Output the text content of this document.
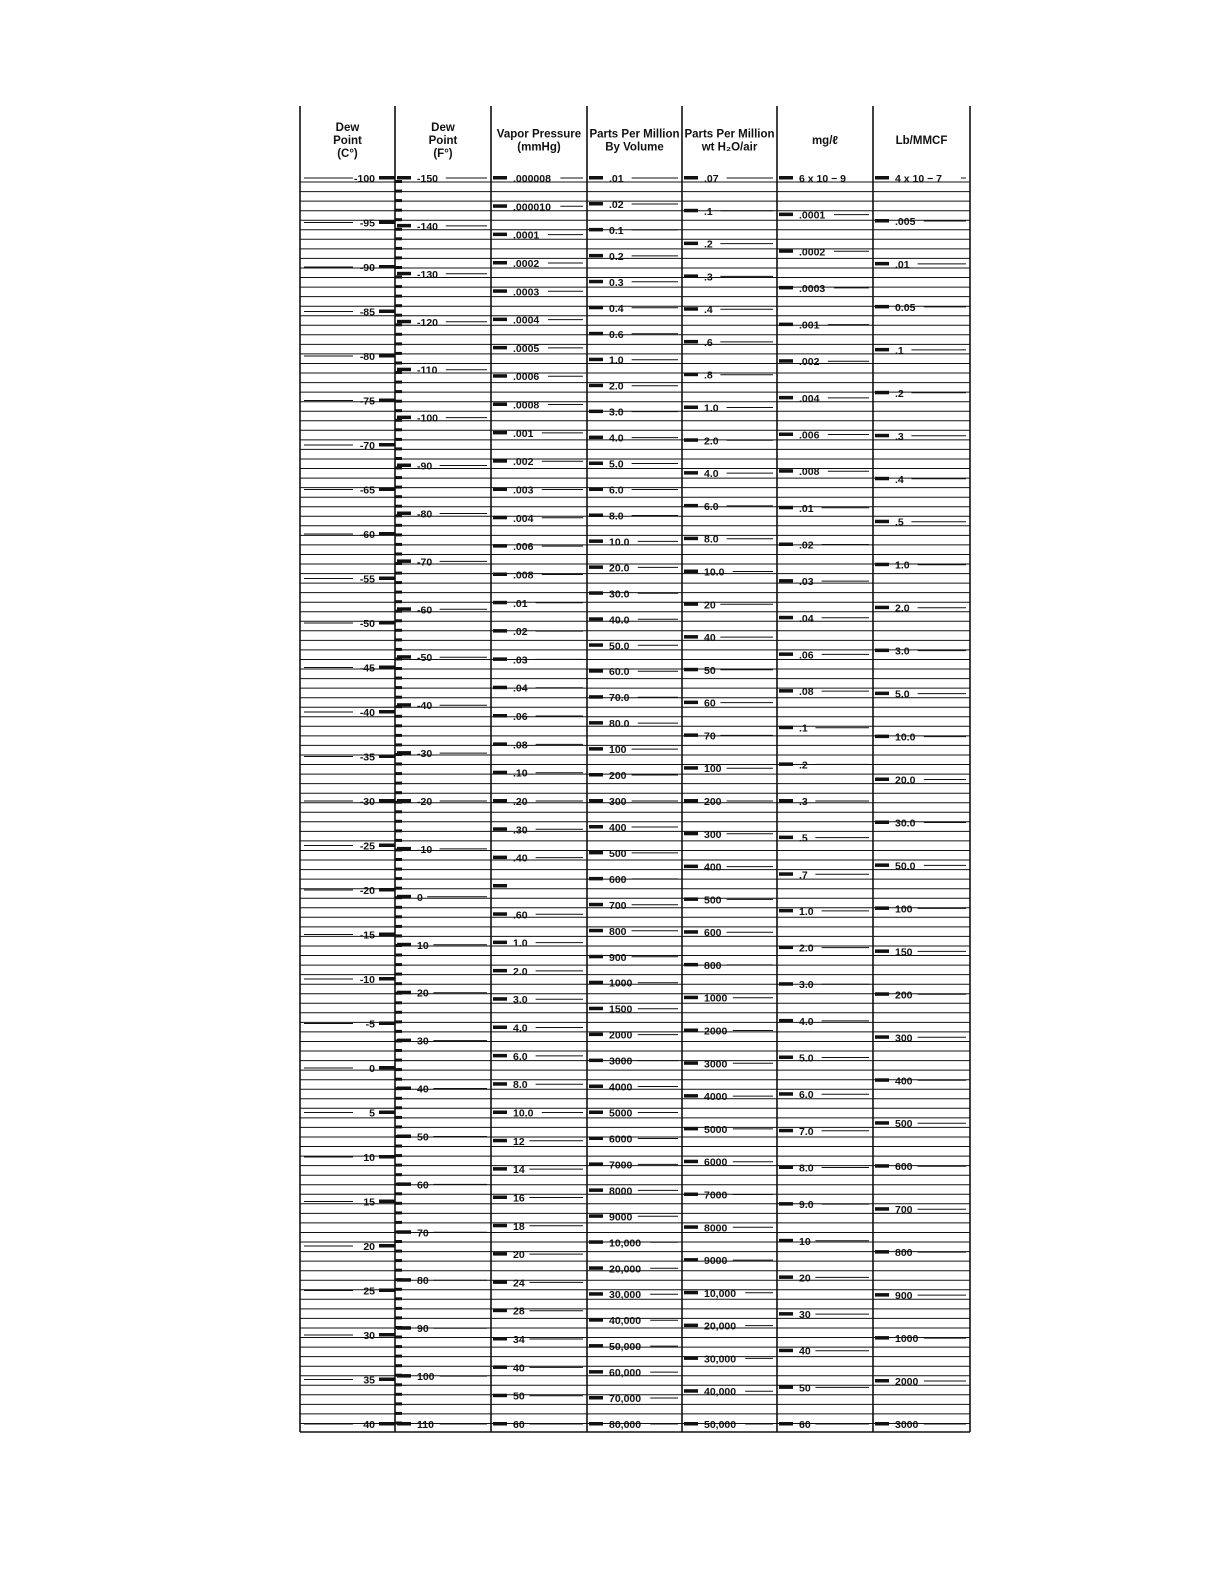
Dew
Point
(C°)
Dew
Point
(F°)
Vapor Pressure
(mmHg)
Parts Per Million
By Volume
Parts Per Million
wt H₂O/air
mg/ℓ	Lb/MMCF
-100
-95
-90
-85
-80
-75
-70
-65
-60
-55
-50
-45
-40
-35
-30
-25
-20
-15
-10
-5
0
5
10
15
20
25
30
35
40
-150
-140
-130
-120
-110
-100
-90
-80
-70
-60
-50
-40
-30
-20
-10
0
10
20
30
40
50
60
70
80
90
100
110
.000008
.000010
.0001
.0002
.0003
.0004
.0005
.0006
.0008
.001
.002
.003
.004
.006
.008
.01
.02
.03
.04
.06
.08
.10
.20
.30
.40
.60
1.0
2.0
3.0
4.0
6.0
8.0
10.0
12
14
16
18
20
24
28
34
40
50
60
.01
.02
0.1
0.2
0.3
0.4
0.6
1.0
2.0
3.0
4.0
5.0
6.0
8.0
10.0
20.0
30.0
40.0
50.0
60.0
70.0
80.0
100
200
300
400
500
600
700
800
900
1000
1500
2000
3000
4000
5000
6000
7000
8000
9000
10,000
20,000
30,000
40,000
50,000
60,000
70,000
80,000
.07
.1
.2
.3
.4
.6
.8
1.0
2.0
4.0
6.0
8.0
10.0
20
40
50
60
70
100
200
300
400
500
600
800
1000
2000
3000
4000
5000
6000
7000
8000
9000
10,000
20,000
30,000
40,000
50,000
6 x 10 − 9
.0001
.0002
.0003
.001
.002
.004
.006
.008
.01
.02
.03
.04
.06
.08
.1
.2
.3
.5
.7
1.0
2.0
3.0
4.0
5.0
6.0
7.0
8.0
9.0
10
20
30
40
50
60
4 x 10 − 7
.005
.01
0.05
.1
.2
.3
.4
.5
1.0
2.0
3.0
5.0
10.0
20.0
30.0
50.0
100
150
200
300
400
500
600
700
800
900
1000
2000
3000
